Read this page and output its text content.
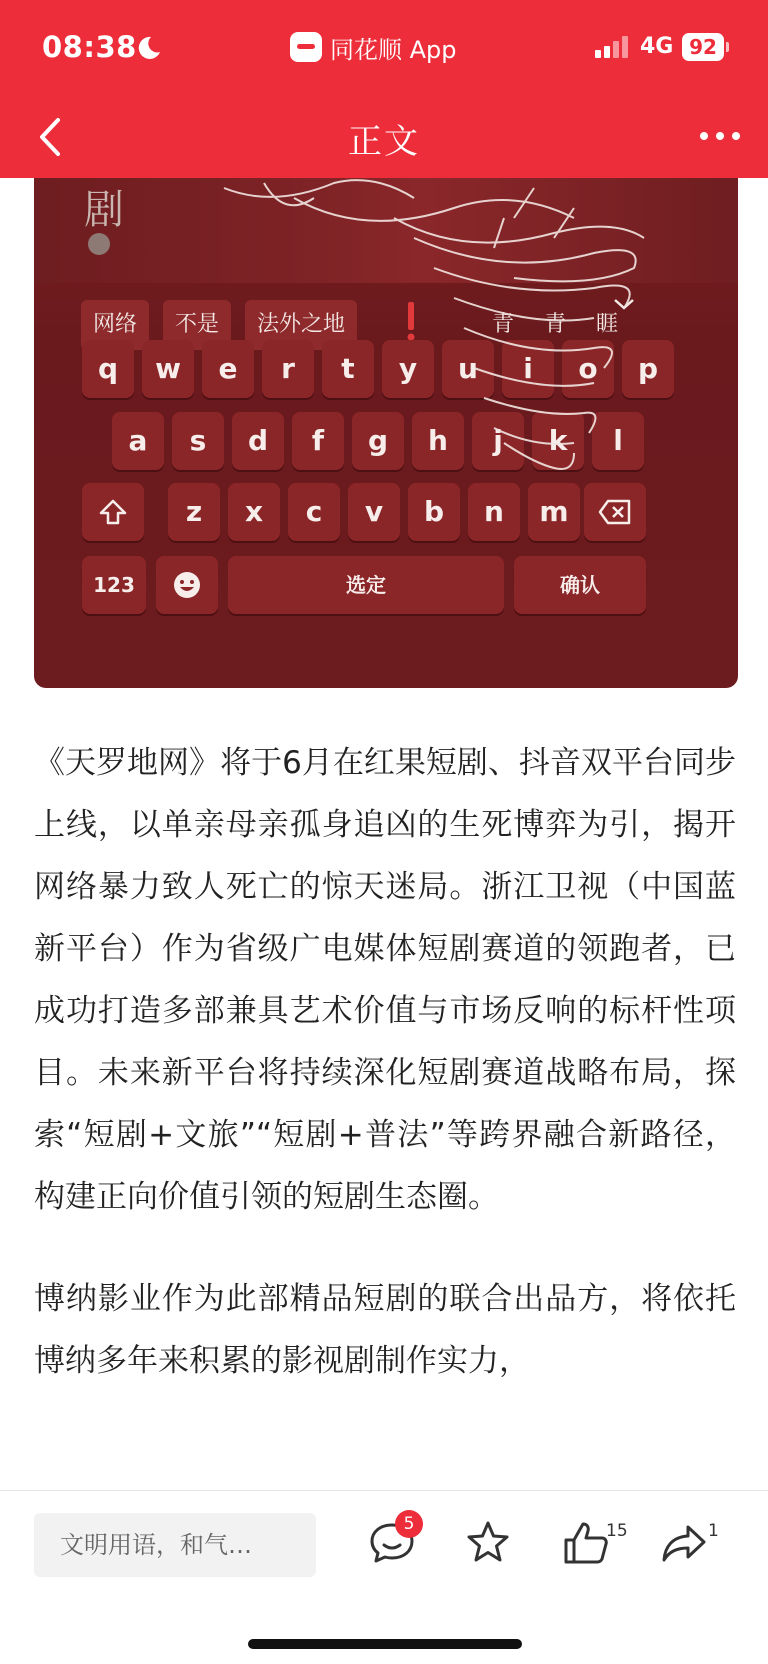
08:38	同花顺 App	4G 92
正文
剧
网络	不是	法外之地	青 青 睚
q	w	e	r	t	y	u	i	o	p
a	s	d	f	g	h	j	k	l
z	x	c	v	b	n	m
123	选定	确认

《天罗地网》将于6月在红果短剧、抖音双平台同步上线，以单亲母亲孤身追凶的生死博弈为引，揭开网络暴力致人死亡的惊天迷局。浙江卫视（中国蓝新平台）作为省级广电媒体短剧赛道的领跑者，已成功打造多部兼具艺术价值与市场反响的标杆性项目。未来新平台将持续深化短剧赛道战略布局，探索“短剧+文旅”“短剧+普法”等跨界融合新路径，构建正向价值引领的短剧生态圈。

博纳影业作为此部精品短剧的联合出品方，将依托博纳多年来积累的影视剧制作实力，

文明用语，和气…
5	15	1
